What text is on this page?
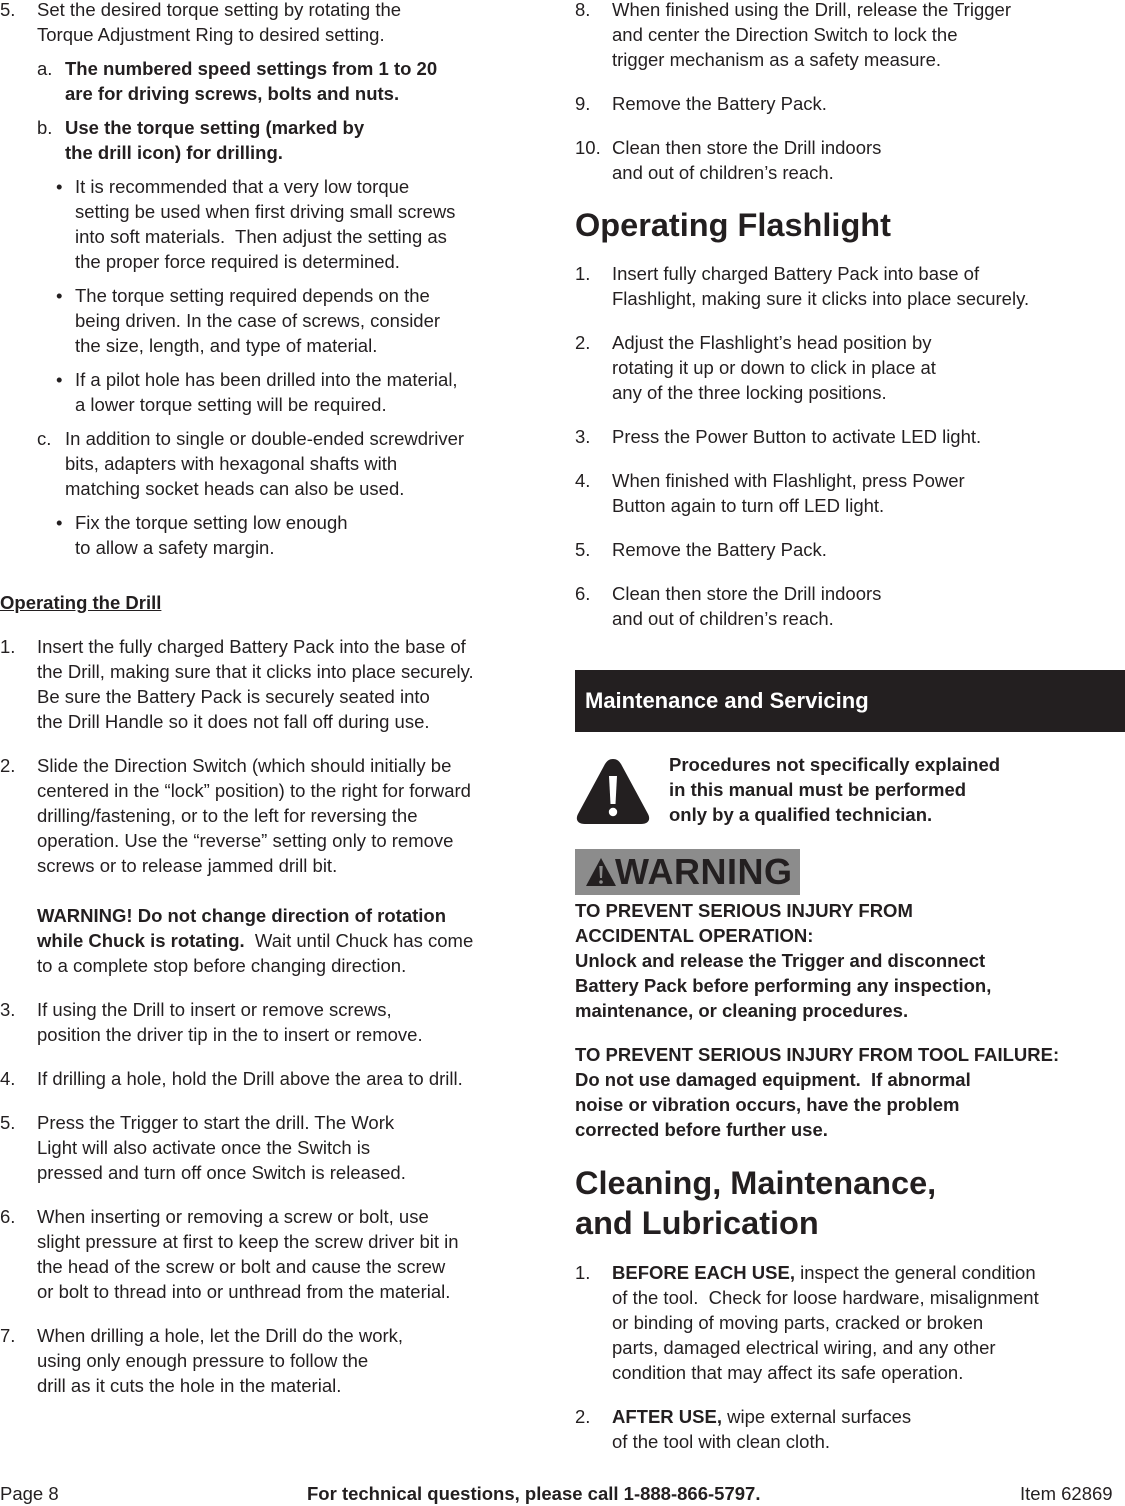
5. Set the desired torque setting by rotating the
Torque Adjustment Ring to desired setting.
a. The numbered speed settings from 1 to 20
are for driving screws, bolts and nuts.
b. Use the torque setting (marked by
the drill icon) for drilling.
• It is recommended that a very low torque
setting be used when first driving small screws
into soft materials.  Then adjust the setting as
the proper force required is determined.
• The torque setting required depends on the
being driven. In the case of screws, consider
the size, length, and type of material.
• If a pilot hole has been drilled into the material,
a lower torque setting will be required.
c. In addition to single or double-ended screwdriver
bits, adapters with hexagonal shafts with
matching socket heads can also be used.
• Fix the torque setting low enough
to allow a safety margin.
Operating the Drill
1. Insert the fully charged Battery Pack into the base of
the Drill, making sure that it clicks into place securely.
Be sure the Battery Pack is securely seated into
the Drill Handle so it does not fall off during use.
2. Slide the Direction Switch (which should initially be
centered in the “lock” position) to the right for forward
drilling/fastening, or to the left for reversing the
operation. Use the “reverse” setting only to remove
screws or to release jammed drill bit.
WARNING! Do not change direction of rotation
while Chuck is rotating.  Wait until Chuck has come
to a complete stop before changing direction.
3. If using the Drill to insert or remove screws,
position the driver tip in the to insert or remove.
4. If drilling a hole, hold the Drill above the area to drill.
5. Press the Trigger to start the drill. The Work
Light will also activate once the Switch is
pressed and turn off once Switch is released.
6. When inserting or removing a screw or bolt, use
slight pressure at first to keep the screw driver bit in
the head of the screw or bolt and cause the screw
or bolt to thread into or unthread from the material.
7. When drilling a hole, let the Drill do the work,
using only enough pressure to follow the
drill as it cuts the hole in the material.
8. When finished using the Drill, release the Trigger
and center the Direction Switch to lock the
trigger mechanism as a safety measure.
9. Remove the Battery Pack.
10. Clean then store the Drill indoors
and out of children’s reach.
Operating Flashlight
1. Insert fully charged Battery Pack into base of
Flashlight, making sure it clicks into place securely.
2. Adjust the Flashlight’s head position by
rotating it up or down to click in place at
any of the three locking positions.
3. Press the Power Button to activate LED light.
4. When finished with Flashlight, press Power
Button again to turn off LED light.
5. Remove the Battery Pack.
6. Clean then store the Drill indoors
and out of children’s reach.
Maintenance and Servicing
Procedures not specifically explained
in this manual must be performed
only by a qualified technician.
WARNING
TO PREVENT SERIOUS INJURY FROM
ACCIDENTAL OPERATION:
Unlock and release the Trigger and disconnect
Battery Pack before performing any inspection,
maintenance, or cleaning procedures.
TO PREVENT SERIOUS INJURY FROM TOOL FAILURE:
Do not use damaged equipment.  If abnormal
noise or vibration occurs, have the problem
corrected before further use.
Cleaning, Maintenance,
and Lubrication
1. BEFORE EACH USE, inspect the general condition
of the tool.  Check for loose hardware, misalignment
or binding of moving parts, cracked or broken
parts, damaged electrical wiring, and any other
condition that may affect its safe operation.
2. AFTER USE, wipe external surfaces
of the tool with clean cloth.
Page 8	For technical questions, please call 1-888-866-5797.	Item 62869
